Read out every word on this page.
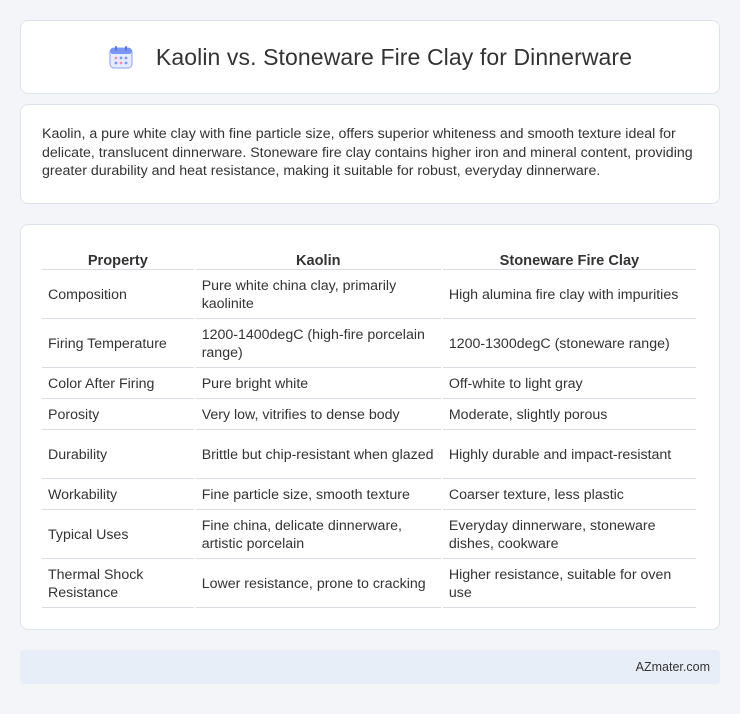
Kaolin vs. Stoneware Fire Clay for Dinnerware

Kaolin, a pure white clay with fine particle size, offers superior whiteness and smooth texture ideal for delicate, translucent dinnerware. Stoneware fire clay contains higher iron and mineral content, providing greater durability and heat resistance, making it suitable for robust, everyday dinnerware.

Property	Kaolin	Stoneware Fire Clay
Composition	Pure white china clay, primarily kaolinite	High alumina fire clay with impurities
Firing Temperature	1200-1400degC (high-fire porcelain range)	1200-1300degC (stoneware range)
Color After Firing	Pure bright white	Off-white to light gray
Porosity	Very low, vitrifies to dense body	Moderate, slightly porous
Durability	Brittle but chip-resistant when glazed	Highly durable and impact-resistant
Workability	Fine particle size, smooth texture	Coarser texture, less plastic
Typical Uses	Fine china, delicate dinnerware, artistic porcelain	Everyday dinnerware, stoneware dishes, cookware
Thermal Shock Resistance	Lower resistance, prone to cracking	Higher resistance, suitable for oven use
AZmater.com
